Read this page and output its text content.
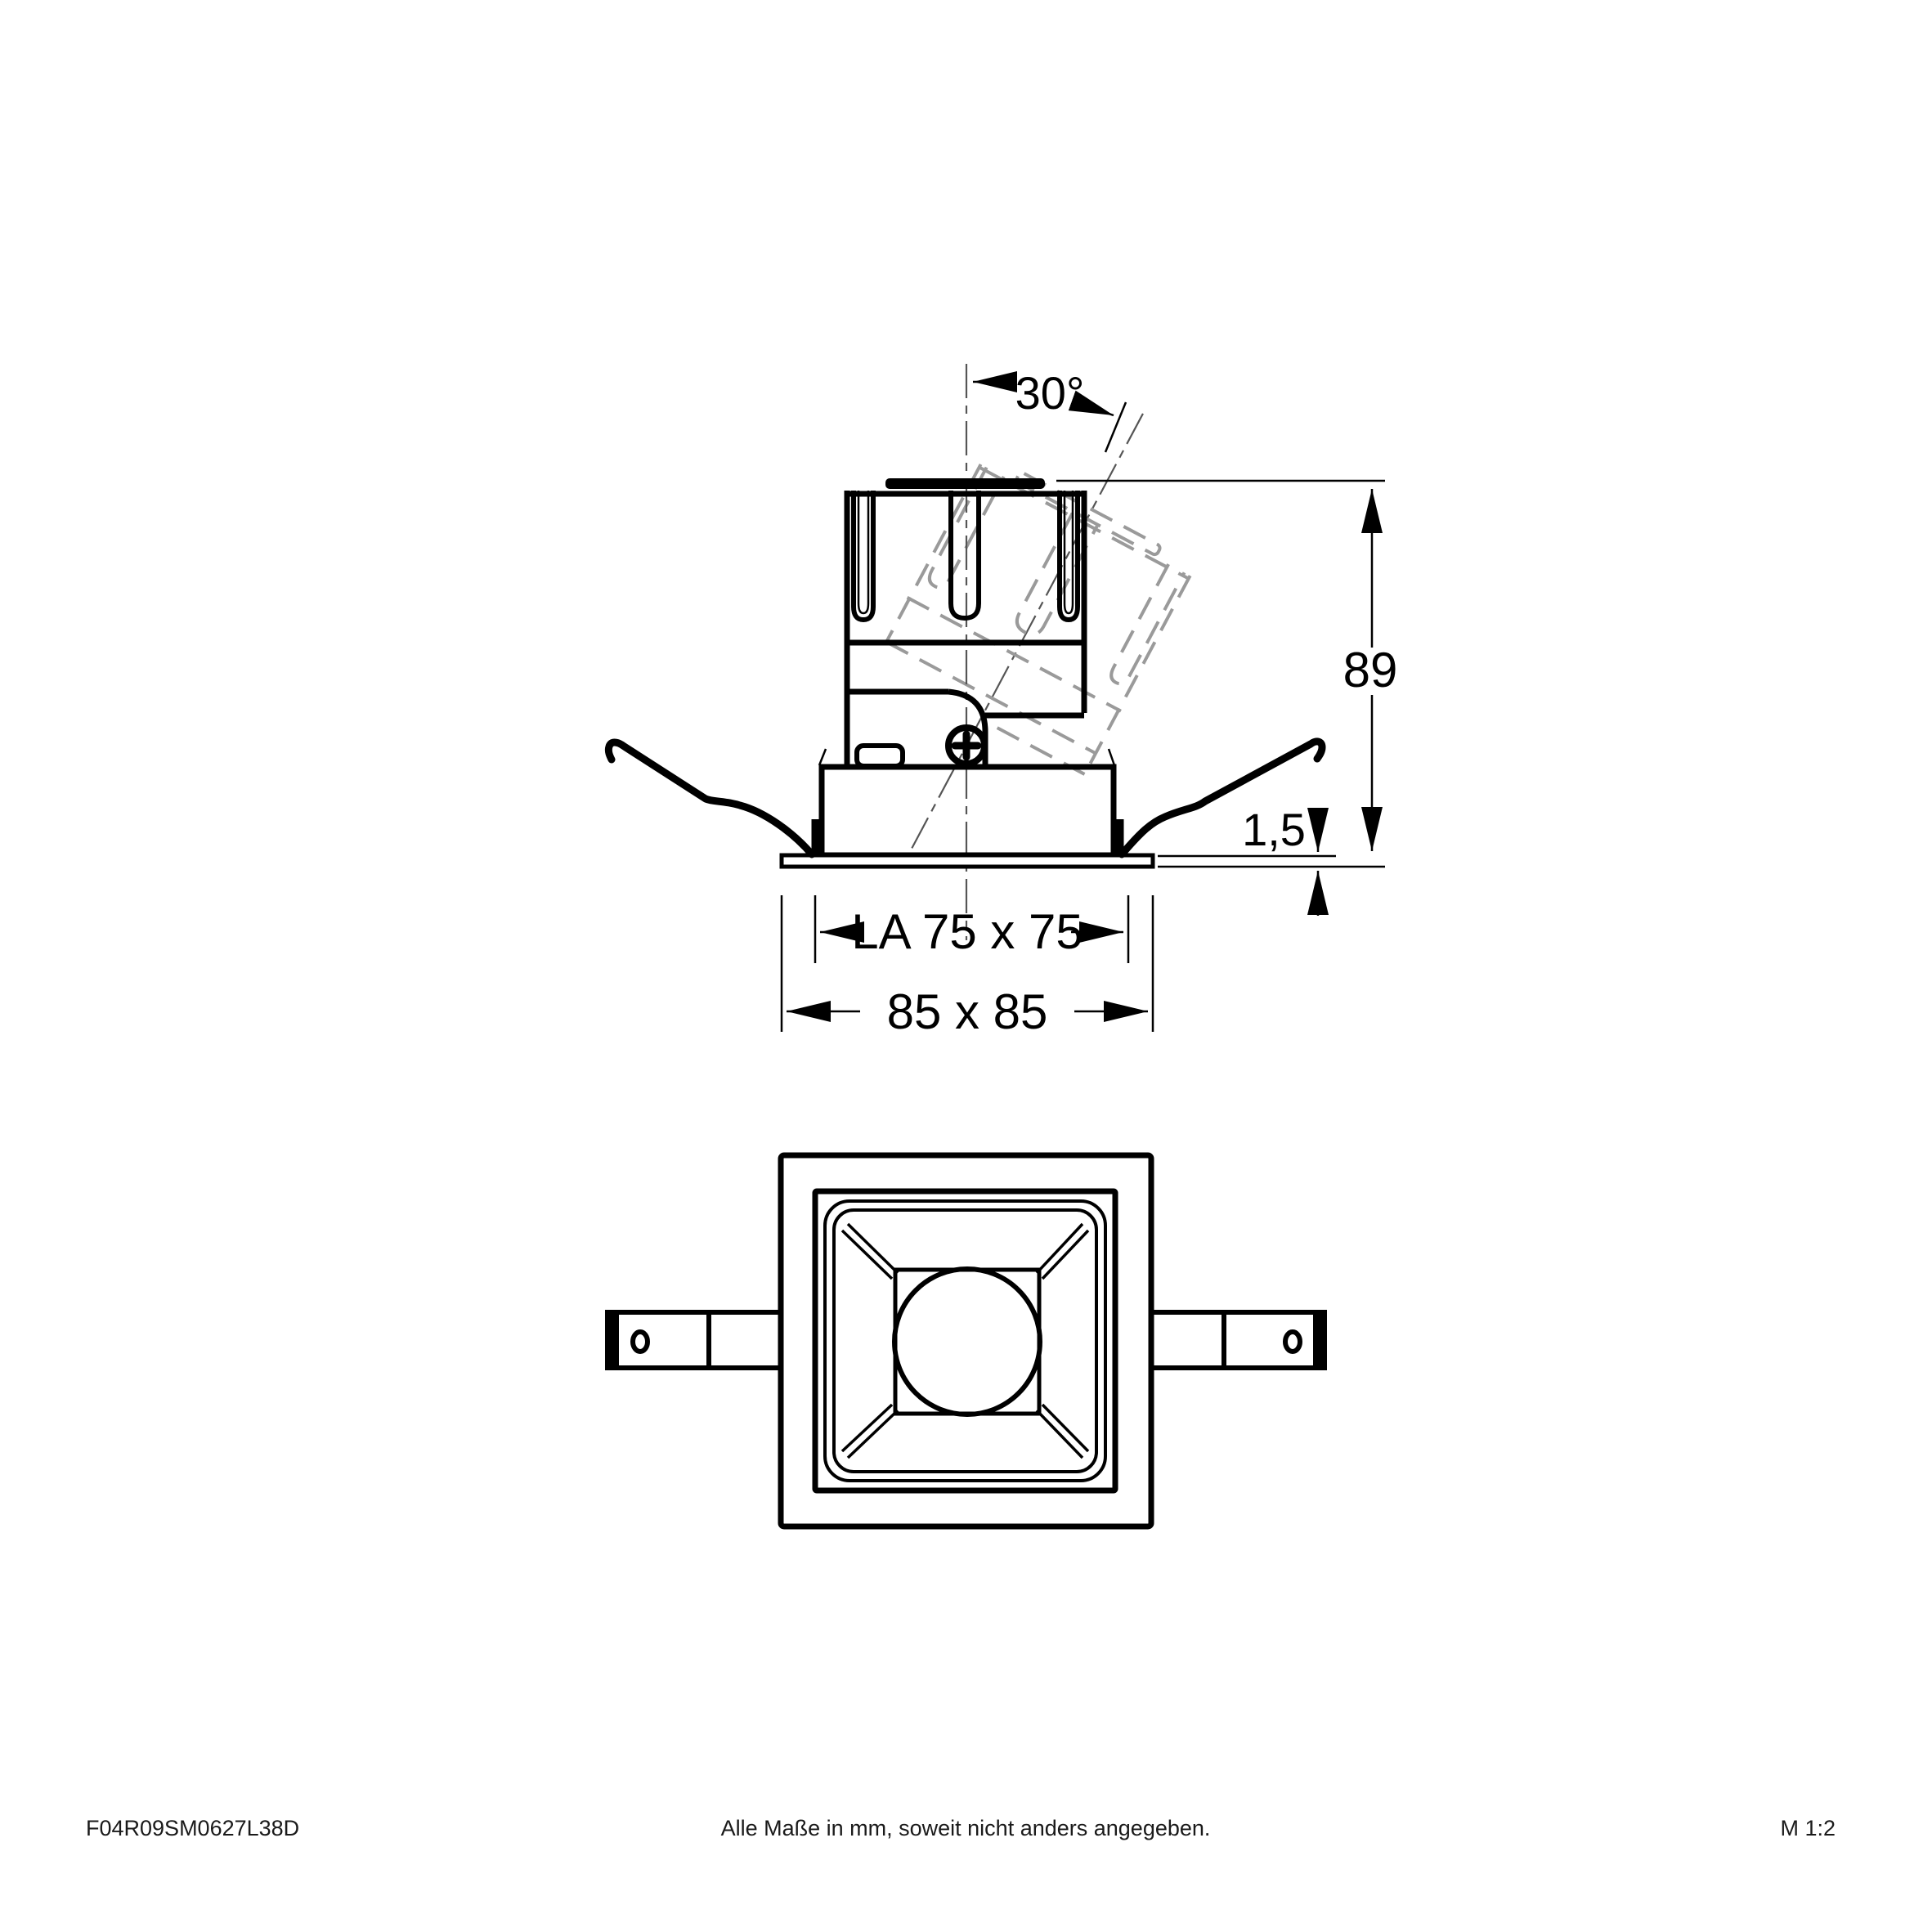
30°
89
1,5
LA 75 x 75
85 x 85
F04R09SM0627L38D	Alle Maße in mm, soweit nicht anders angegeben.	M 1:2
